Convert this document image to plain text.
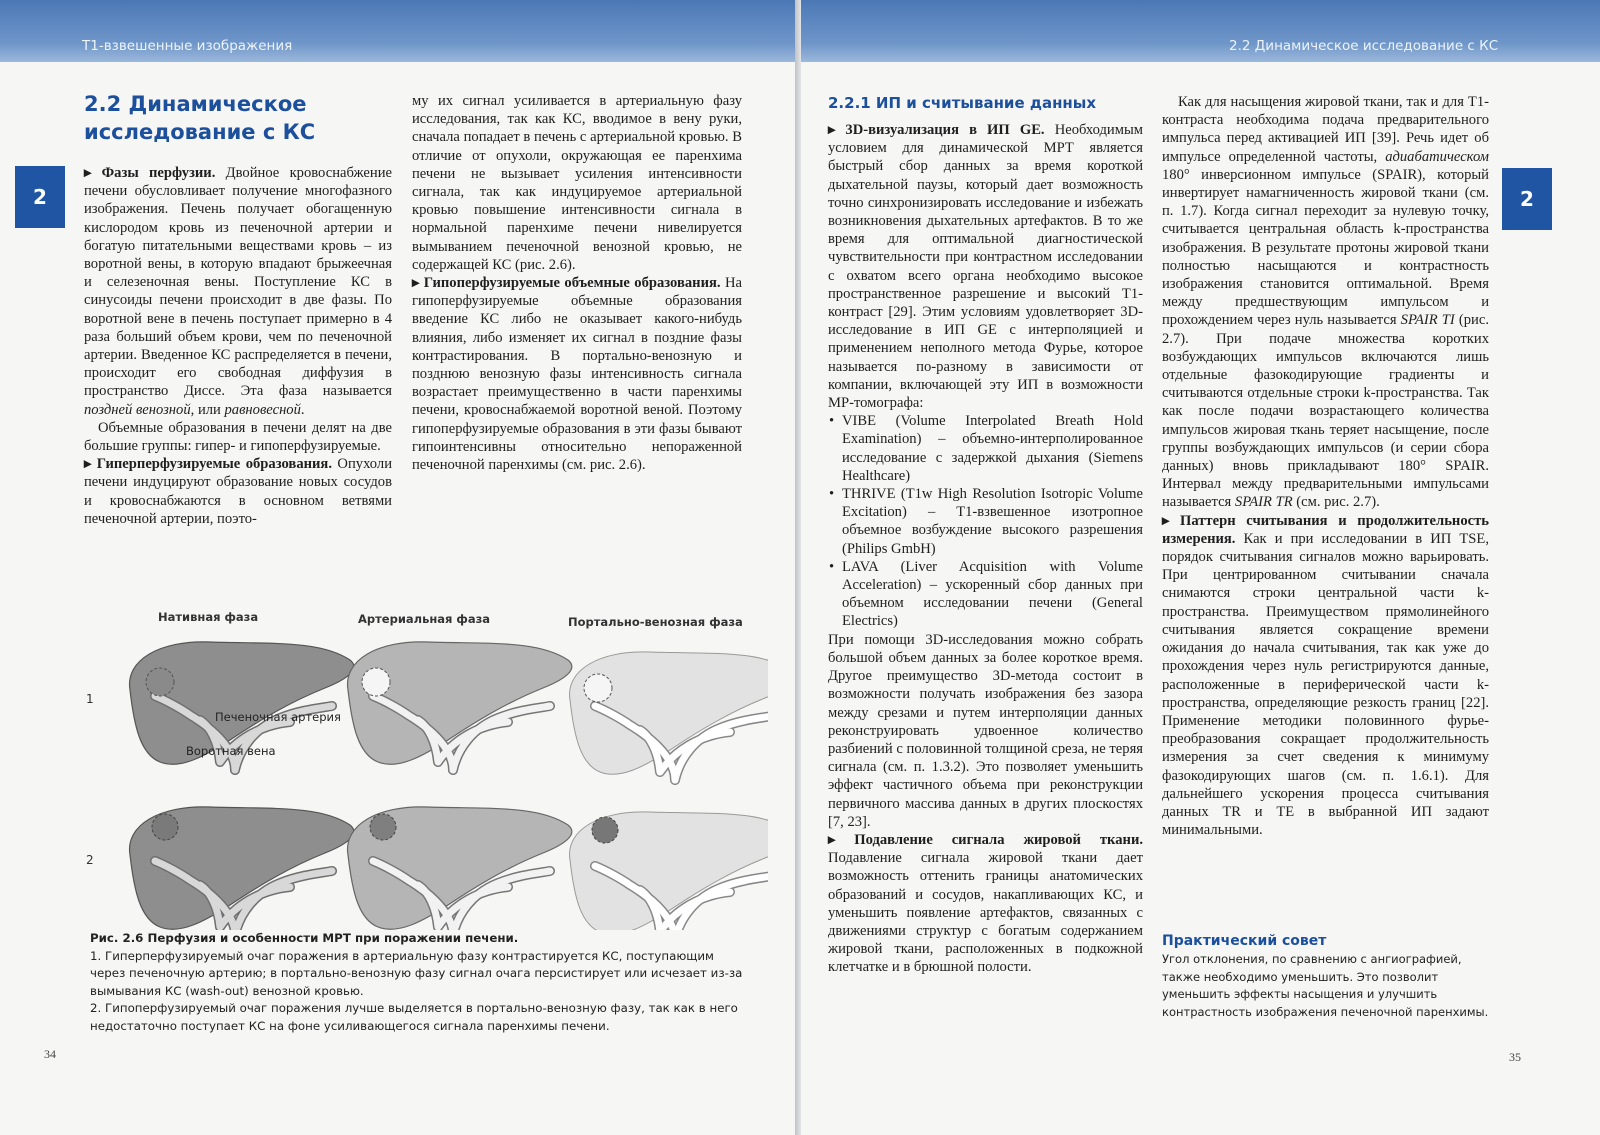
T1-взвешенные изображения
2
2.2 Динамическое исследование с КС

▸ Фазы перфузии. Двойное кровоснабжение печени обусловливает получение многофазного изображения. Печень получает обогащенную кислородом кровь из печеночной артерии и богатую питательными веществами кровь – из воротной вены, в которую впадают брыжеечная и селезеночная вены. Поступление КС в синусоиды печени происходит в две фазы. По воротной вене в печень поступает примерно в 4 раза больший объем крови, чем по печеночной артерии. Введенное КС распределяется в печени, происходит его свободная диффузия в пространство Диссе. Эта фаза называется поздней венозной, или равновесной.

Объемные образования в печени делят на две большие группы: гипер- и гипоперфузируемые.

▸ Гиперперфузируемые образования. Опухоли печени индуцируют образование новых сосудов и кровоснабжаются в основном ветвями печеночной артерии, поэто-

му их сигнал усиливается в артериальную фазу исследования, так как КС, вводимое в вену руки, сначала попадает в печень с артериальной кровью. В отличие от опухоли, окружающая ее паренхима печени не вызывает усиления интенсивности сигнала, так как индуцируемое артериальной кровью повышение интенсивности сигнала в нормальной паренхиме печени нивелируется вымыванием печеночной венозной кровью, не содержащей КС (рис. 2.6).

▸ Гипоперфузируемые объемные образования. На гипоперфузируемые объемные образования введение КС либо не оказывает какого-нибудь влияния, либо изменяет их сигнал в поздние фазы контрастирования. В портально-венозную и позднюю венозную фазы интенсивность сигнала возрастает преимущественно в части паренхимы печени, кровоснабжаемой воротной веной. Поэтому гипоперфузируемые образования в эти фазы бывают гипоинтенсивны относительно непораженной печеночной паренхимы (см. рис. 2.6).

Нативная фаза	Артериальная фаза	Портально-венозная фаза
1
2
Печеночная артерия
Воротная вена
Рис. 2.6 Перфузия и особенности МРТ при поражении печени.
1. Гиперперфузируемый очаг поражения в артериальную фазу контрастируется КС, поступающим через печеночную артерию; в портально-венозную фазу сигнал очага персистирует или исчезает из-за вымывания КС (wash-out) венозной кровью.
2. Гипоперфузируемый очаг поражения лучше выделяется в портально-венозную фазу, так как в него недостаточно поступает КС на фоне усиливающегося сигнала паренхимы печени.
34
2.2 Динамическое исследование с КС
2
2.2.1 ИП и считывание данных

▸ 3D-визуализация в ИП GE. Необходимым условием для динамической МРТ является быстрый сбор данных за время короткой дыхательной паузы, который дает возможность точно синхронизировать исследование и избежать возникновения дыхательных артефактов. В то же время для оптимальной диагностической чувствительности при контрастном исследовании с охватом всего органа необходимо высокое пространственное разрешение и высокий T1-контраст [29]. Этим условиям удовлетворяет 3D-исследование в ИП GE с интерполяцией и применением неполного метода Фурье, которое называется по-разному в зависимости от компании, включающей эту ИП в возможности МР-томографа:

• VIBE (Volume Interpolated Breath Hold Examination) – объемно-интерполированное исследование с задержкой дыхания (Siemens Healthcare)
• THRIVE (T1w High Resolution Isotropic Volume Excitation) – T1-взвешенное изотропное объемное возбуждение высокого разрешения (Philips GmbH)
• LAVA (Liver Acquisition with Volume Acceleration) – ускоренный сбор данных при объемном исследовании печени (General Electrics)

При помощи 3D-исследования можно собрать большой объем данных за более короткое время. Другое преимущество 3D-метода состоит в возможности получать изображения без зазора между срезами и путем интерполяции данных реконструировать удвоенное количество разбиений с половинной толщиной среза, не теряя сигнала (см. п. 1.3.2). Это позволяет уменьшить эффект частичного объема при реконструкции первичного массива данных в других плоскостях [7, 23].

▸ Подавление сигнала жировой ткани. Подавление сигнала жировой ткани дает возможность оттенить границы анатомических образований и сосудов, накапливающих КС, и уменьшить появление артефактов, связанных с движениями структур с богатым содержанием жировой ткани, расположенных в подкожной клетчатке и в брюшной полости.

Как для насыщения жировой ткани, так и для T1-контраста необходима подача предварительного импульса перед активацией ИП [39]. Речь идет об импульсе определенной частоты, адиабатическом 180° инверсионном импульсе (SPAIR), который инвертирует намагниченность жировой ткани (см. п. 1.7). Когда сигнал переходит за нулевую точку, считывается центральная область k-пространства изображения. В результате протоны жировой ткани полностью насыщаются и контрастность изображения становится оптимальной. Время между предшествующим импульсом и прохождением через нуль называется SPAIR TI (рис. 2.7). При подаче множества коротких возбуждающих импульсов включаются лишь отдельные фазокодирующие градиенты и считываются отдельные строки k-пространства. Так как после подачи возрастающего количества импульсов жировая ткань теряет насыщение, после группы возбуждающих импульсов (и серии сбора данных) вновь прикладывают 180° SPAIR. Интервал между предварительными импульсами называется SPAIR TR (см. рис. 2.7).

▸ Паттерн считывания и продолжительность измерения. Как и при исследовании в ИП TSE, порядок считывания сигналов можно варьировать. При центрированном считывании сначала снимаются строки центральной части k-пространства. Преимуществом прямолинейного считывания является сокращение времени ожидания до начала считывания, так как уже до прохождения через нуль регистрируются данные, расположенные в периферической части k-пространства, определяющие резкость границ [22]. Применение методики половинного фурье-преобразования сокращает продолжительность измерения за счет сведения к минимуму фазокодирующих шагов (см. п. 1.6.1). Для дальнейшего ускорения процесса считывания данных TR и TE в выбранной ИП задают минимальными.

Практический совет
Угол отклонения, по сравнению с ангиографией, также необходимо уменьшить. Это позволит уменьшить эффекты насыщения и улучшить контрастность изображения печеночной паренхимы.
35
